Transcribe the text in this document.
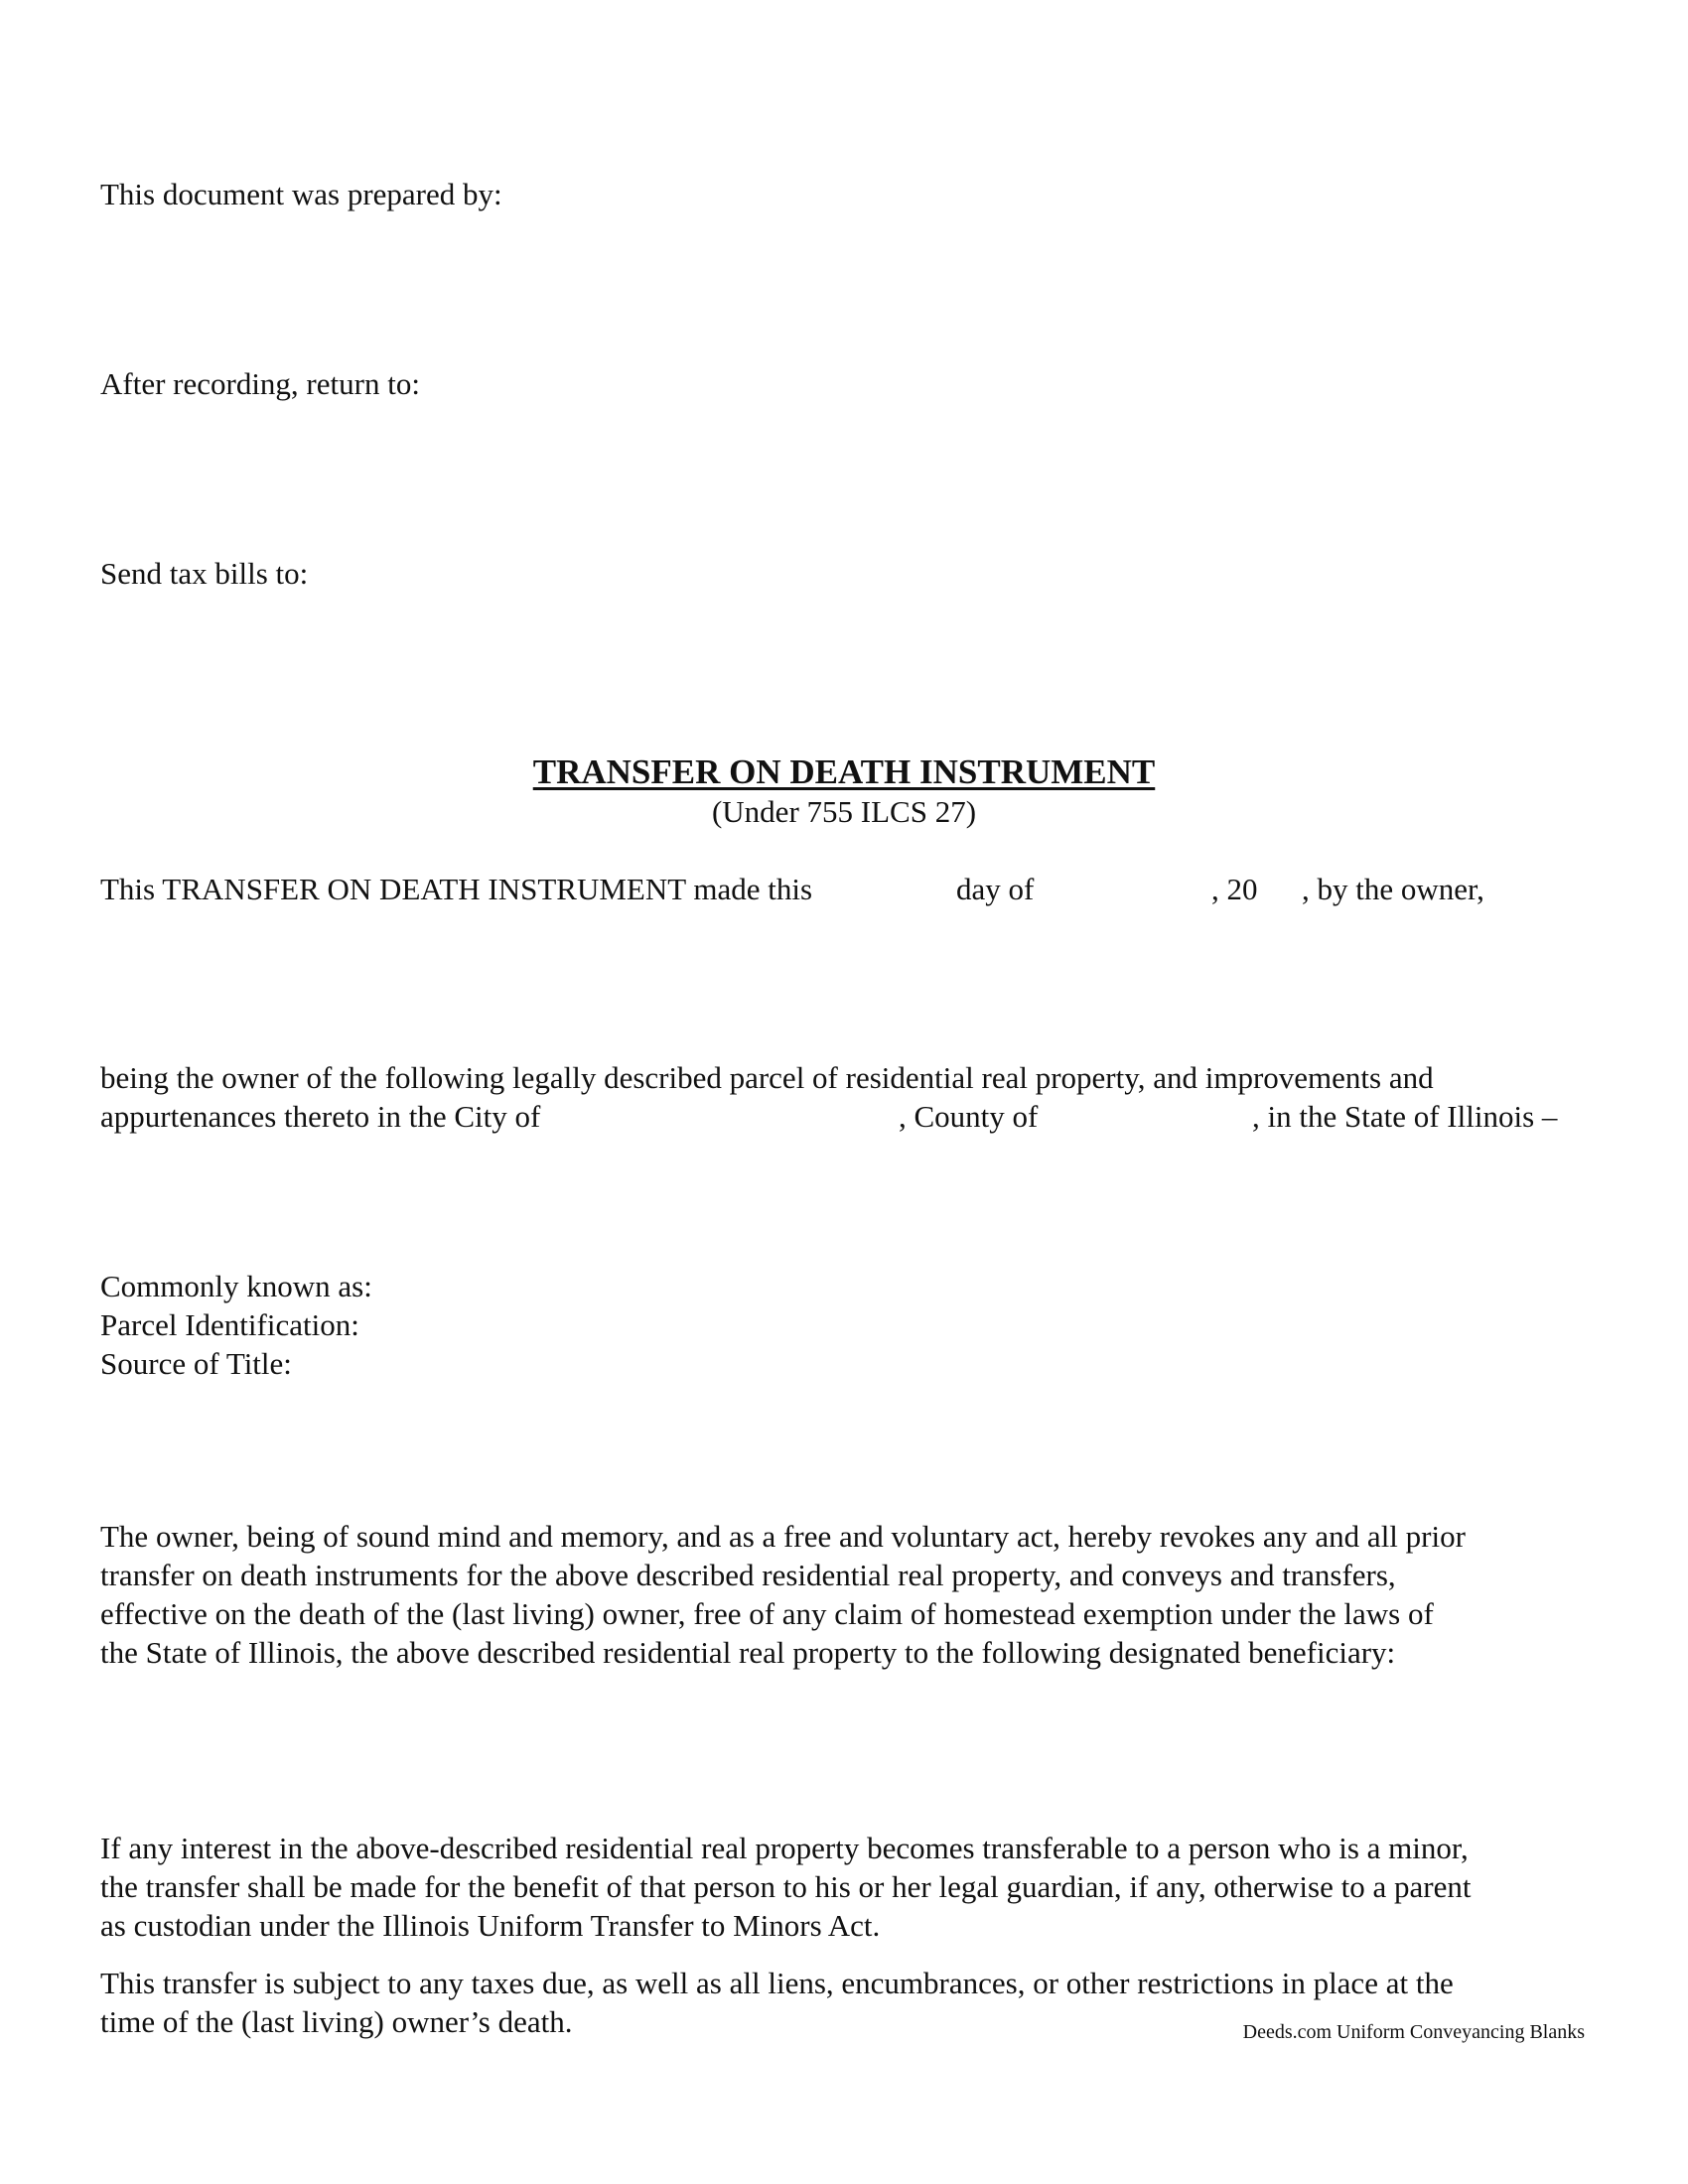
This document was prepared by:
After recording, return to:
Send tax bills to:
TRANSFER ON DEATH INSTRUMENT
(Under 755 ILCS 27)
This TRANSFER ON DEATH INSTRUMENT made this	day of	, 20 , by the owner,
being the owner of the following legally described parcel of residential real property, and improvements and
appurtenances thereto in the City of	, County of	, in the State of Illinois –
Commonly known as:
Parcel Identification:
Source of Title:
The owner, being of sound mind and memory, and as a free and voluntary act, hereby revokes any and all prior
transfer on death instruments for the above described residential real property, and conveys and transfers,
effective on the death of the (last living) owner, free of any claim of homestead exemption under the laws of
the State of Illinois, the above described residential real property to the following designated beneficiary:
If any interest in the above-described residential real property becomes transferable to a person who is a minor,
the transfer shall be made for the benefit of that person to his or her legal guardian, if any, otherwise to a parent
as custodian under the Illinois Uniform Transfer to Minors Act.
This transfer is subject to any taxes due, as well as all liens, encumbrances, or other restrictions in place at the
time of the (last living) owner’s death.	Deeds.com Uniform Conveyancing Blanks
